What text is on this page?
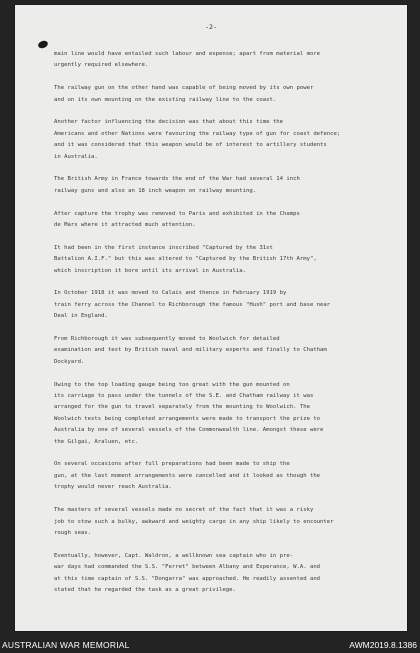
-2-

main line would have entailed such labour and expense; apart from material more
urgently required elsewhere.

The railway gun on the other hand was capable of being moved by its own power
and on its own mounting on the existing railway line to the coast.

Another factor influencing the decision was that about this time the
Americans and other Nations were favouring the railway type of gun for coast defence;
and it was considered that this weapon would be of interest to artillery students
in Australia.

The British Army in France towards the end of the War had several 14 inch
railway guns and also an 18 inch weapon on railway mounting.

After capture the trophy was removed to Paris and exhibited in the Champs
de Mars where it attracted much attention.

It had been in the first instance inscribed "Captured by the 31st
Battalion A.I.F." but this was altered to "Captured by the British 17th Army",
which inscription it bore until its arrival in Australia.

In October 1918 it was moved to Calais and thence in February 1919 by
train ferry across the Channel to Richborough the famous "Hush" port and base near
Deal in England.

From Richborough it was subsequently moved to Woolwich for detailed
examination and test by British naval and military experts and finally to Chatham
Dockyard.

Owing to the top loading gauge being too great with the gun mounted on
its carriage to pass under the tunnels of the S.E. and Chatham railway it was
arranged for the gun to travel separately from the mounting to Woolwich. The
Woolwich tests being completed arrangements were made to transport the prize to
Australia by one of several vessels of the Commonwealth line. Amongst these were
the Gilgai, Araluen, etc.

On several occasions after full preparations had been made to ship the
gun, at the last moment arrangements were cancelled and it looked as though the
trophy would never reach Australia.

The masters of several vessels made no secret of the fact that it was a risky
job to stow such a bulky, awkward and weighty cargo in any ship likely to encounter
rough seas.

Eventually, however, Capt. Waldron, a wellknown sea captain who in pre-
war days had commanded the S.S. "Ferret" between Albany and Esperance, W.A. and
at this time captain of S.S. "Dongarra" was approached. He readily assented and
stated that he regarded the task as a great privilege.

AUSTRALIAN WAR MEMORIAL	AWM2019.8.1386
